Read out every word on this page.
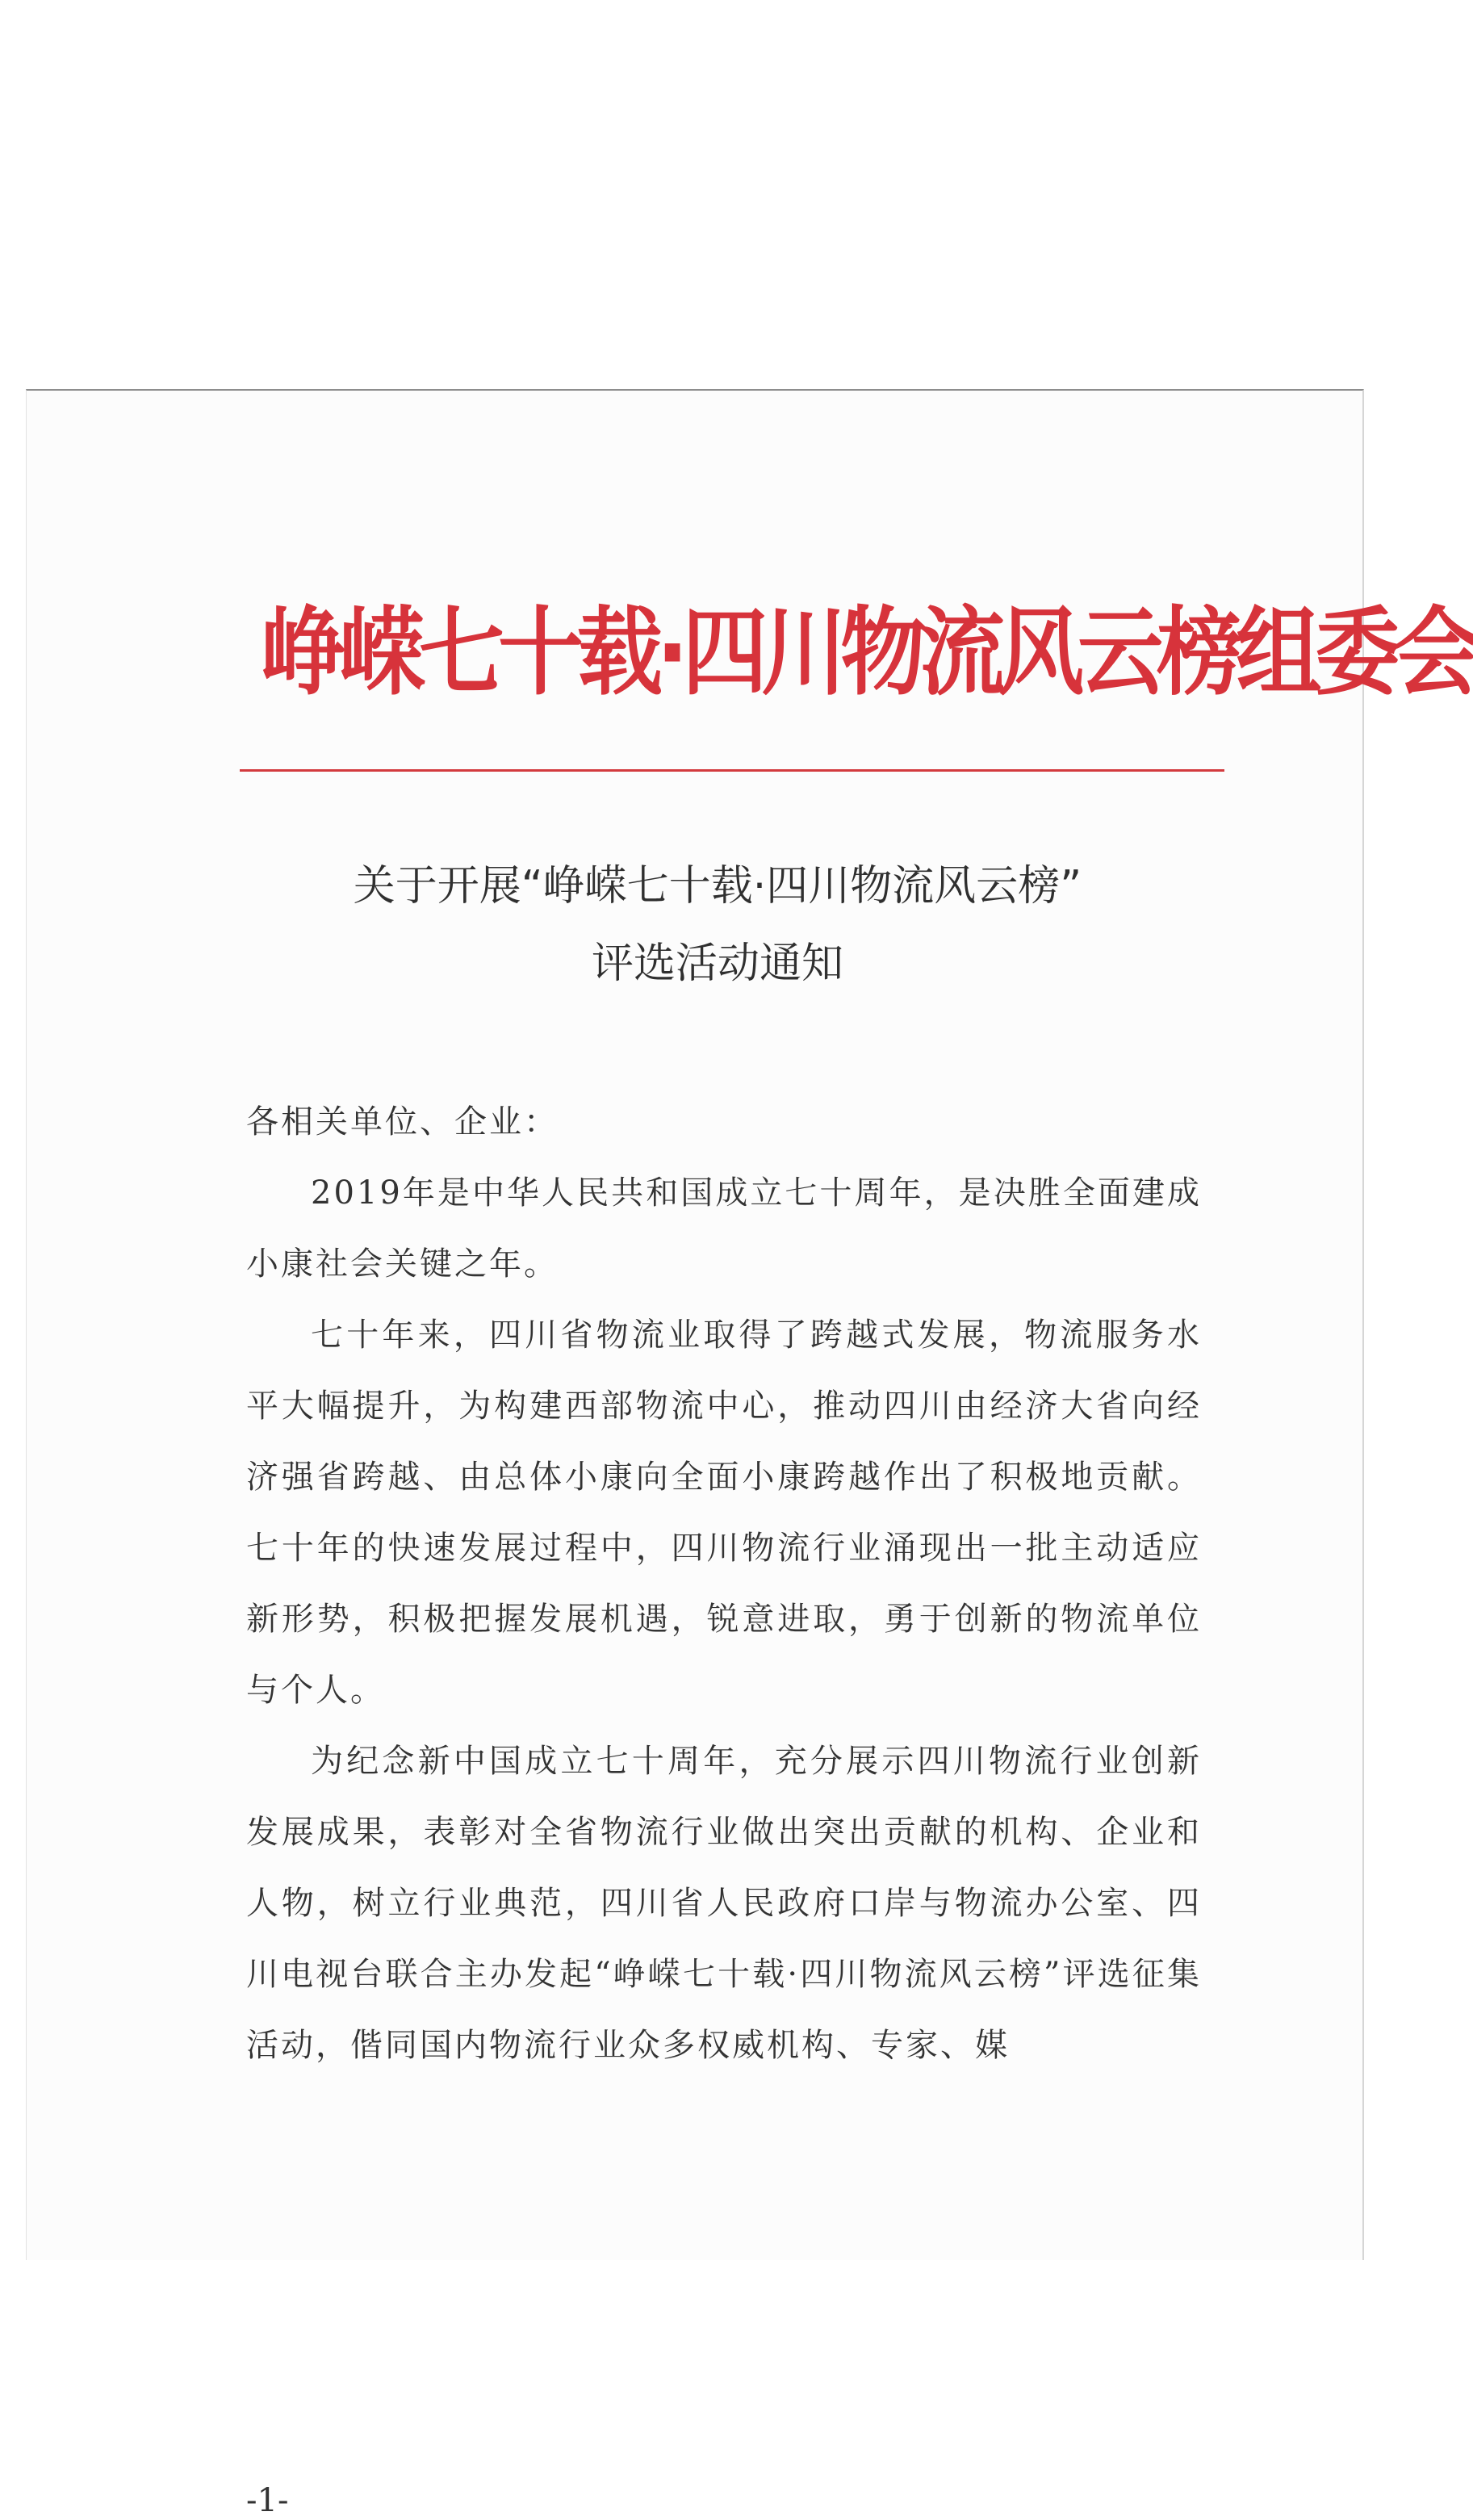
峥嵘七十载·四川物流风云榜组委会
关于开展“峥嵘七十载·四川物流风云榜”
评选活动通知

各相关单位、企业：

2019年是中华人民共和国成立七十周年，是决胜全面建成小康社会关键之年。

七十年来，四川省物流业取得了跨越式发展，物流服务水平大幅提升，为构建西部物流中心，推动四川由经济大省向经济强省跨越、由总体小康向全面小康跨越作出了积极地贡献。七十年的快速发展过程中，四川物流行业涌现出一批主动适应新形势，积极把握发展机遇，锐意进取，勇于创新的物流单位与个人。

为纪念新中国成立七十周年，充分展示四川物流行业创新发展成果，表彰对全省物流行业做出突出贡献的机构、企业和人物，树立行业典范，四川省人民政府口岸与物流办公室、四川电视台联合主办发起“峥嵘七十载·四川物流风云榜”评选征集活动，偕同国内物流行业众多权威机构、专家、媒

-1-
